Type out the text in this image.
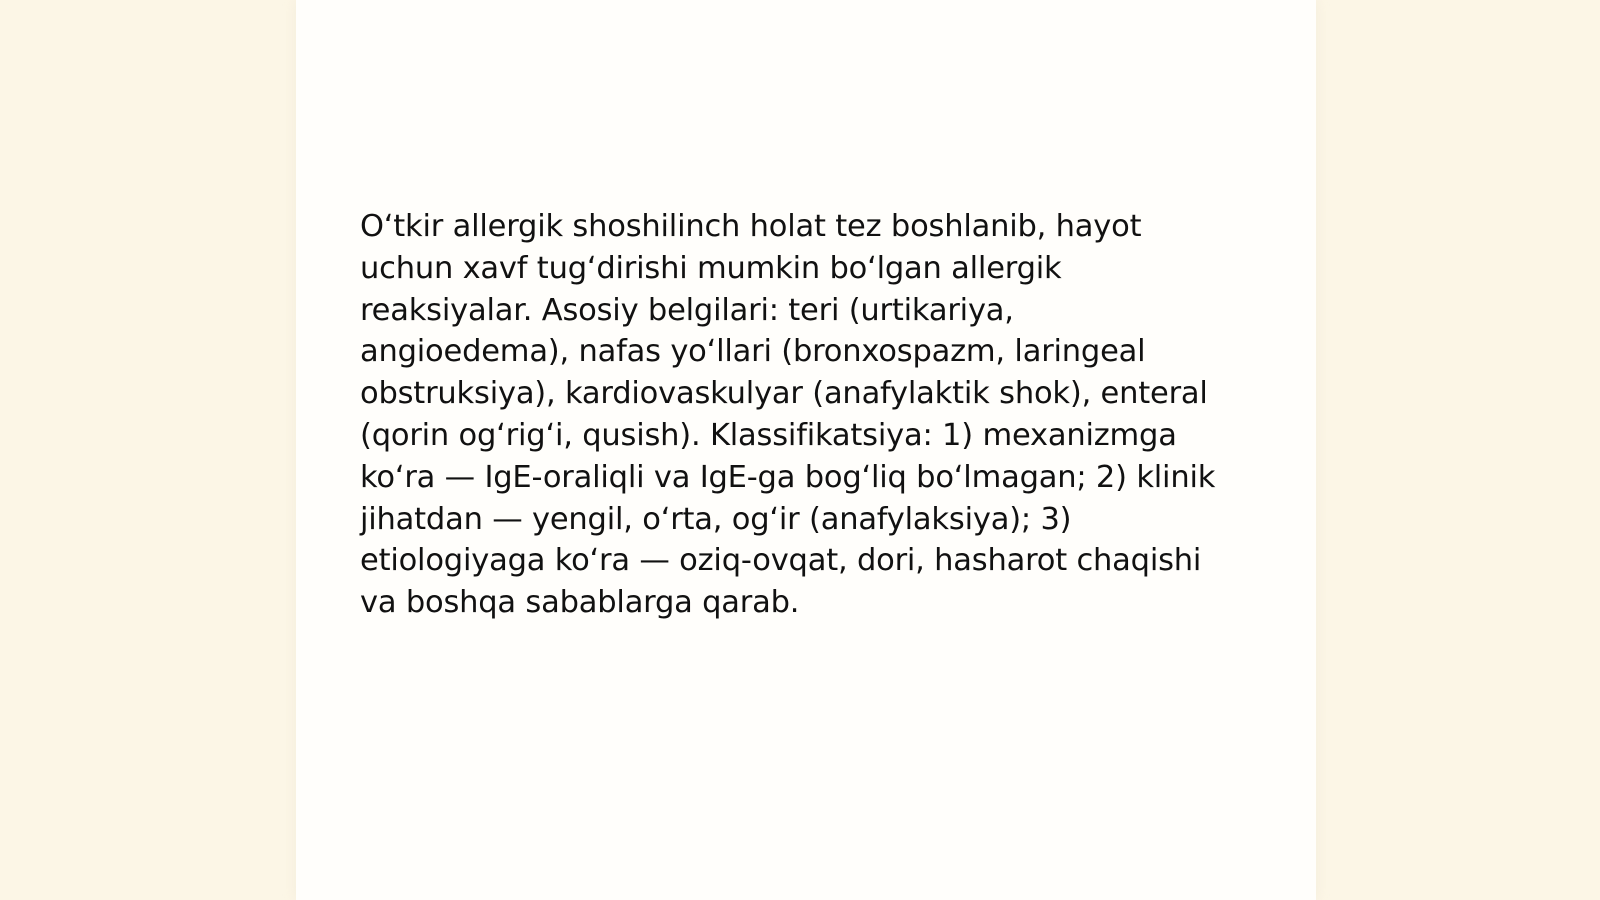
O‘tkir allergik shoshilinch holat tez boshlanib, hayot uchun xavf tug‘dirishi mumkin bo‘lgan allergik reaksiyalar. Asosiy belgilari: teri (urtikariya, angioedema), nafas yo‘llari (bronxospazm, laringeal obstruksiya), kardiovaskulyar (anafylaktik shok), enteral (qorin og‘rig‘i, qusish). Klassifikatsiya: 1) mexanizmga ko‘ra — IgE-oraliqli va IgE-ga bog‘liq bo‘lmagan; 2) klinik jihatdan — yengil, o‘rta, og‘ir (anafylaksiya); 3) etiologiyaga ko‘ra — oziq-ovqat, dori, hasharot chaqishi va boshqa sabablarga qarab.
